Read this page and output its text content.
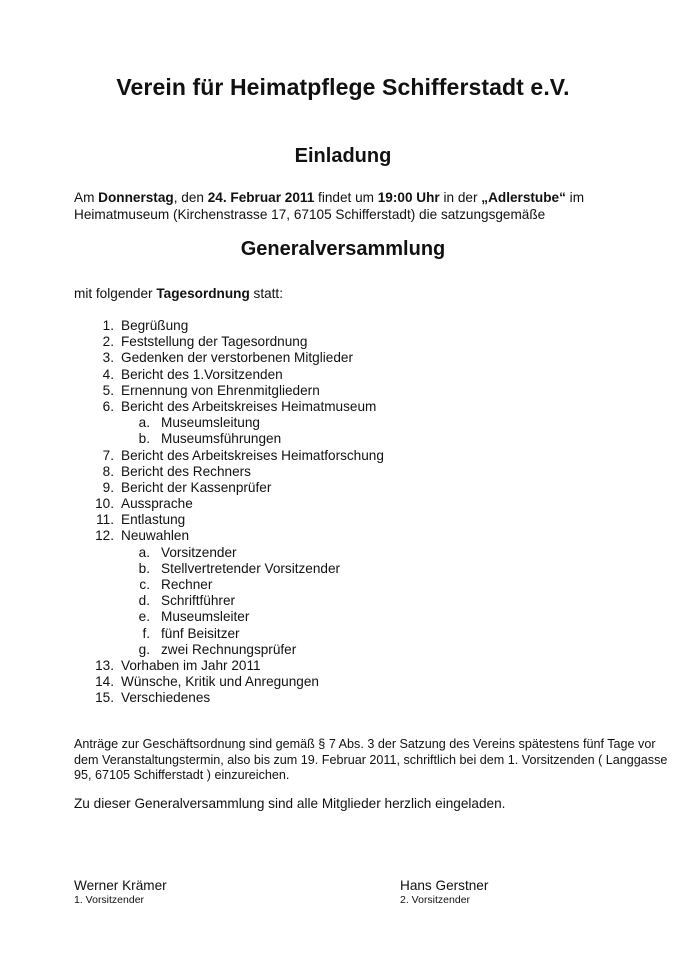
Verein für Heimatpflege Schifferstadt e.V.
Einladung
Am Donnerstag, den 24. Februar 2011 findet um 19:00 Uhr in der „Adlerstube“ im Heimatmuseum (Kirchenstrasse 17, 67105 Schifferstadt) die satzungsgemäße
Generalversammlung
mit folgender Tagesordnung statt:
1. Begrüßung
2. Feststellung der Tagesordnung
3. Gedenken der verstorbenen Mitglieder
4. Bericht des 1.Vorsitzenden
5. Ernennung von Ehrenmitgliedern
6. Bericht des Arbeitskreises Heimatmuseum
a. Museumsleitung
b. Museumsführungen
7. Bericht des Arbeitskreises Heimatforschung
8. Bericht des Rechners
9. Bericht der Kassenprüfer
10. Aussprache
11. Entlastung
12. Neuwahlen
a. Vorsitzender
b. Stellvertretender Vorsitzender
c. Rechner
d. Schriftführer
e. Museumsleiter
f. fünf Beisitzer
g. zwei Rechnungsprüfer
13. Vorhaben im Jahr 2011
14. Wünsche, Kritik und Anregungen
15. Verschiedenes
Anträge zur Geschäftsordnung sind gemäß § 7 Abs. 3 der Satzung des Vereins spätestens fünf Tage vor dem Veranstaltungstermin, also bis zum 19. Februar 2011, schriftlich bei dem 1. Vorsitzenden ( Langgasse 95, 67105 Schifferstadt ) einzureichen.
Zu dieser Generalversammlung sind alle Mitglieder herzlich eingeladen.
Werner Krämer
1. Vorsitzender
Hans Gerstner
2. Vorsitzender
